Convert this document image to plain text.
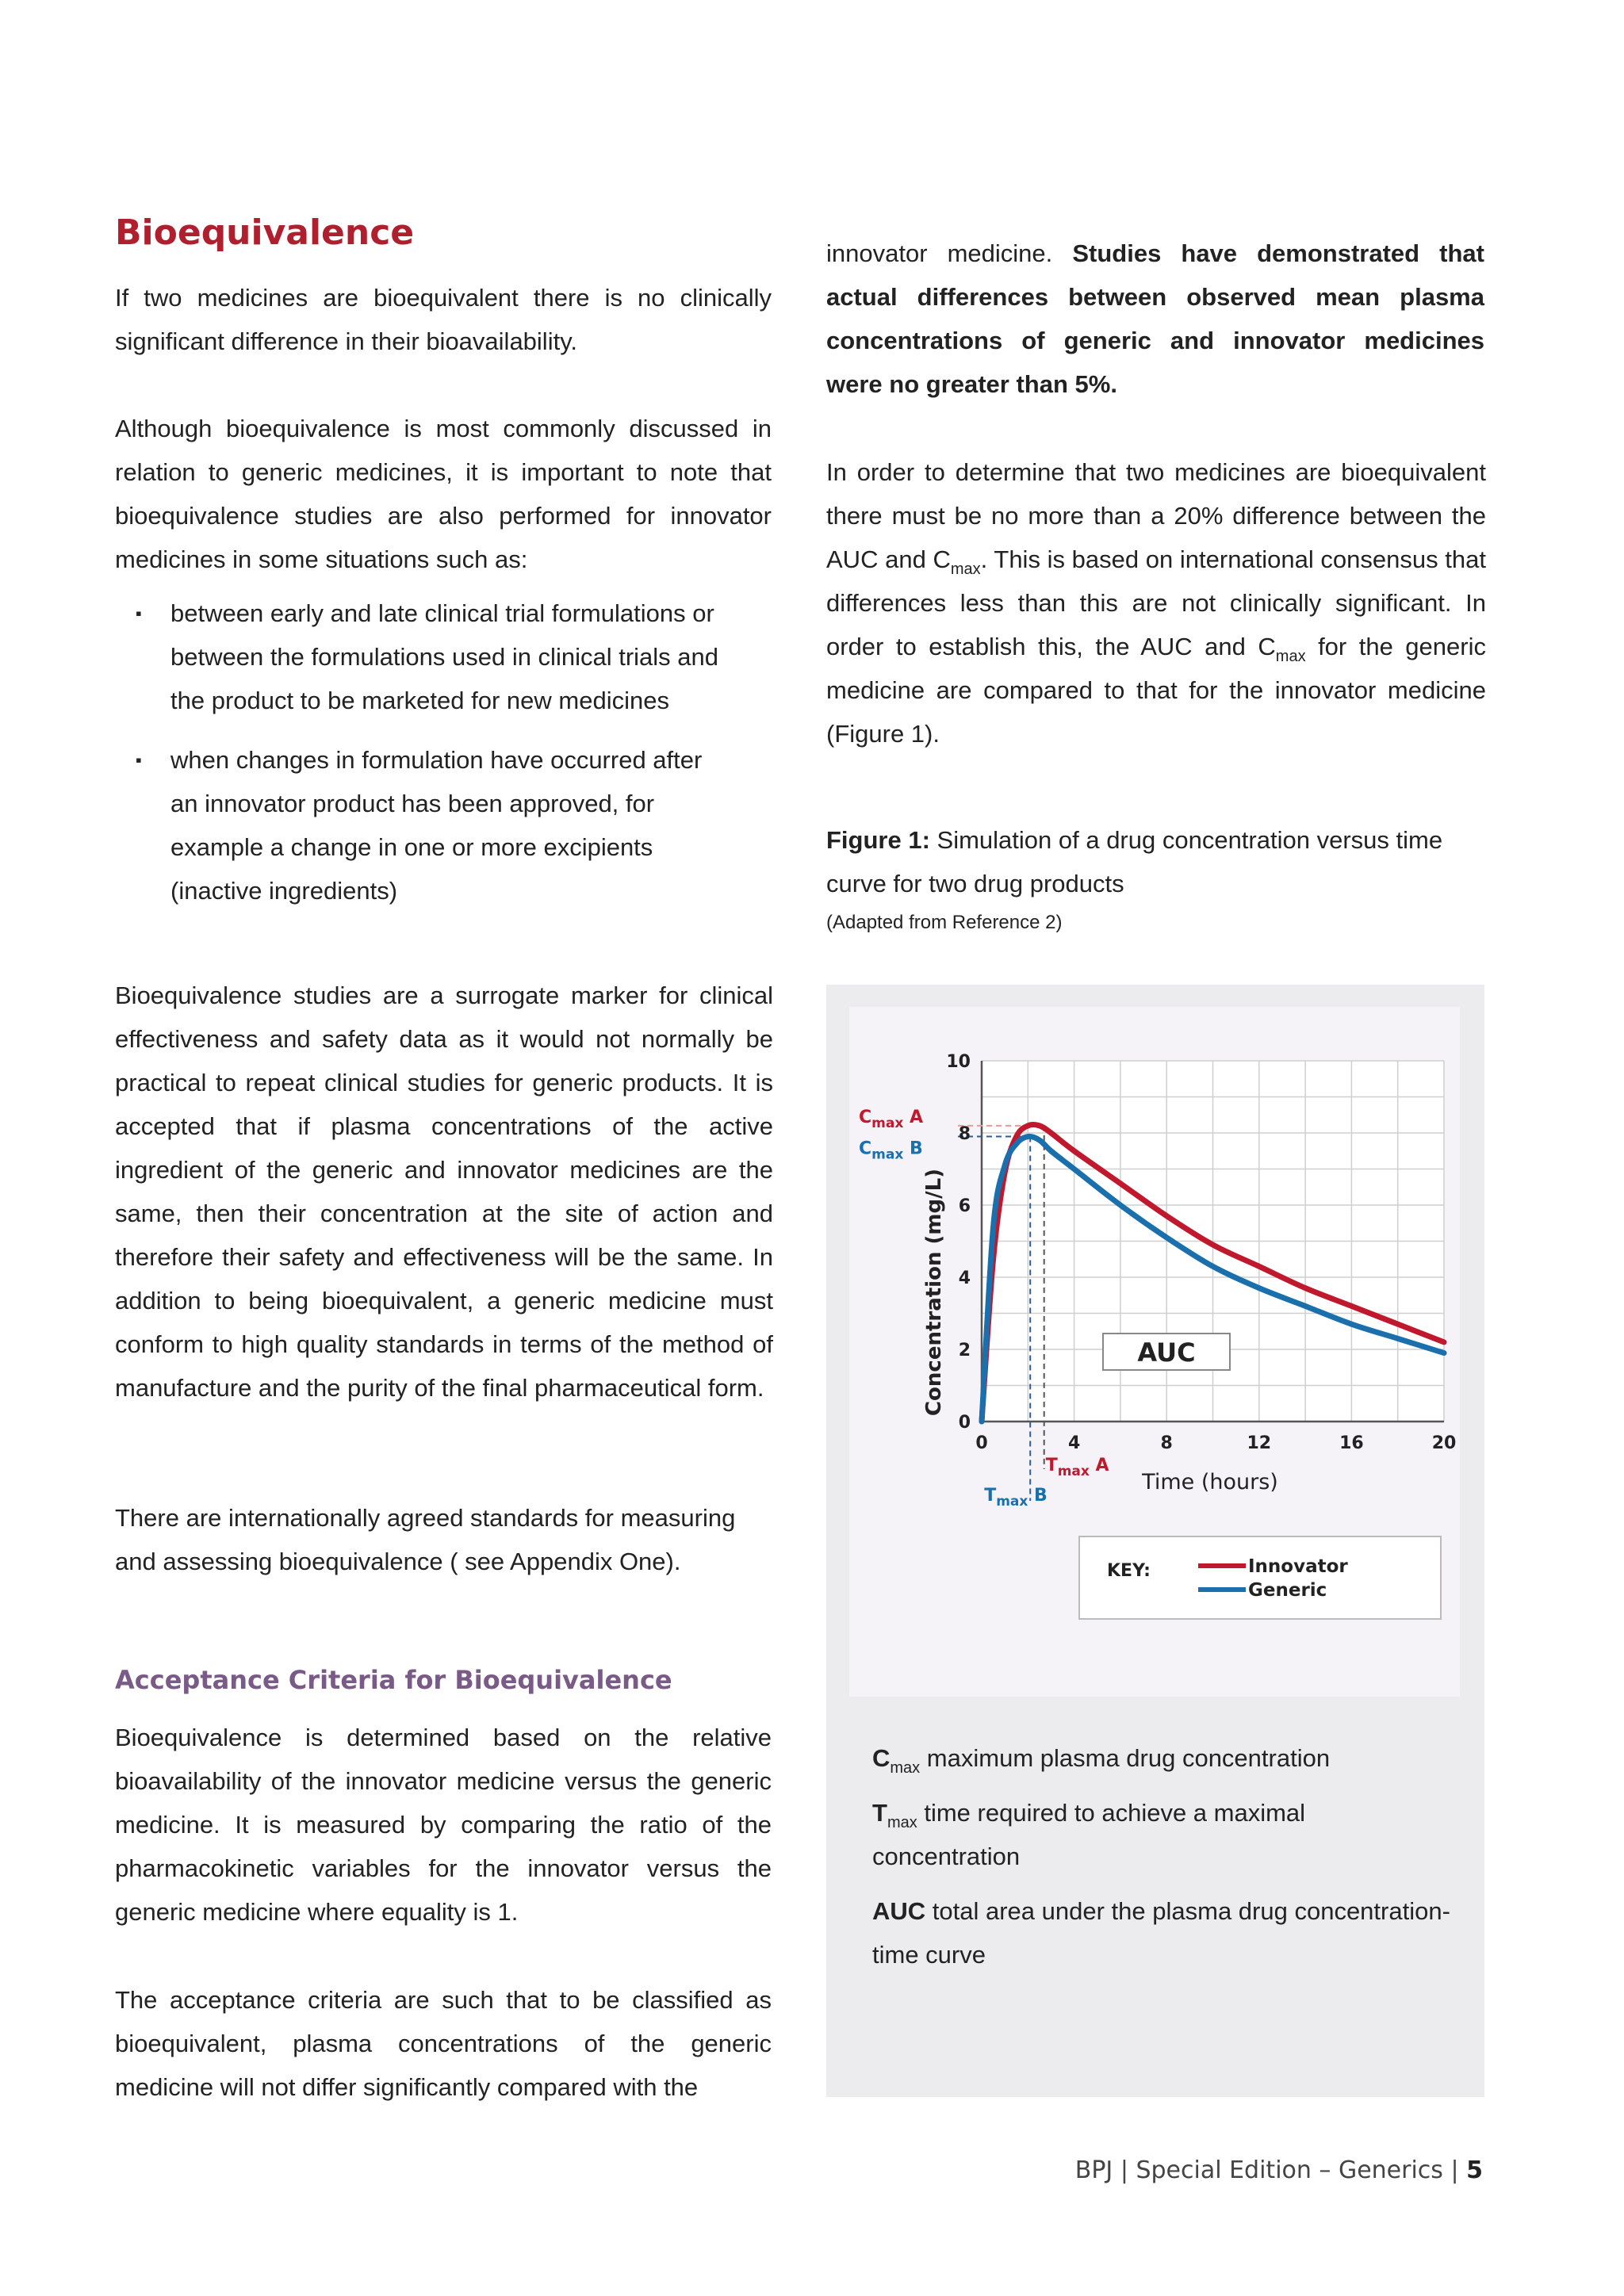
Bioequivalence

If two medicines are bioequivalent there is no clinically significant difference in their bioavailability.

Although bioequivalence is most commonly discussed in relation to generic medicines, it is important to note that bioequivalence studies are also performed for innovator medicines in some situations such as:

▪ between early and late clinical trial formulations or between the formulations used in clinical trials and the product to be marketed for new medicines
▪ when changes in formulation have occurred after an innovator product has been approved, for example a change in one or more excipients (inactive ingredients)

Bioequivalence studies are a surrogate marker for clinical effectiveness and safety data as it would not normally be practical to repeat clinical studies for generic products. It is accepted that if plasma concentrations of the active ingredient of the generic and innovator medicines are the same, then their concentration at the site of action and therefore their safety and effectiveness will be the same. In addition to being bioequivalent, a generic medicine must conform to high quality standards in terms of the method of manufacture and the purity of the final pharmaceutical form.

There are internationally agreed standards for measuring and assessing bioequivalence ( see Appendix One).

Acceptance Criteria for Bioequivalence

Bioequivalence is determined based on the relative bioavailability of the innovator medicine versus the generic medicine. It is measured by comparing the ratio of the pharmacokinetic variables for the innovator versus the generic medicine where equality is 1.

The acceptance criteria are such that to be classified as bioequivalent, plasma concentrations of the generic medicine will not differ significantly compared with the

innovator medicine. Studies have demonstrated that actual differences between observed mean plasma concentrations of generic and innovator medicines were no greater than 5%.

In order to determine that two medicines are bioequivalent there must be no more than a 20% difference between the AUC and $C_{max}$. This is based on international consensus that differences less than this are not clinically significant. In order to establish this, the AUC and $C_{max}$ for the generic medicine are compared to that for the innovator medicine (Figure 1).

Figure 1: Simulation of a drug concentration versus time curve for two drug products

(Adapted from Reference 2)

0
2
4
6
8
10
0	4	8	12	16	20
$C_{max}$ A
$C_{max}$ B
$T_{max}$ A
$T_{max}$ B
Concentration (mg/L)
Time (hours)
AUC
KEY:	Innovator
Generic

$C_{max}$ maximum plasma drug concentration

$T_{max}$ time required to achieve a maximal concentration

AUC total area under the plasma drug concentration-time curve

BPJ | Special Edition – Generics | 5
